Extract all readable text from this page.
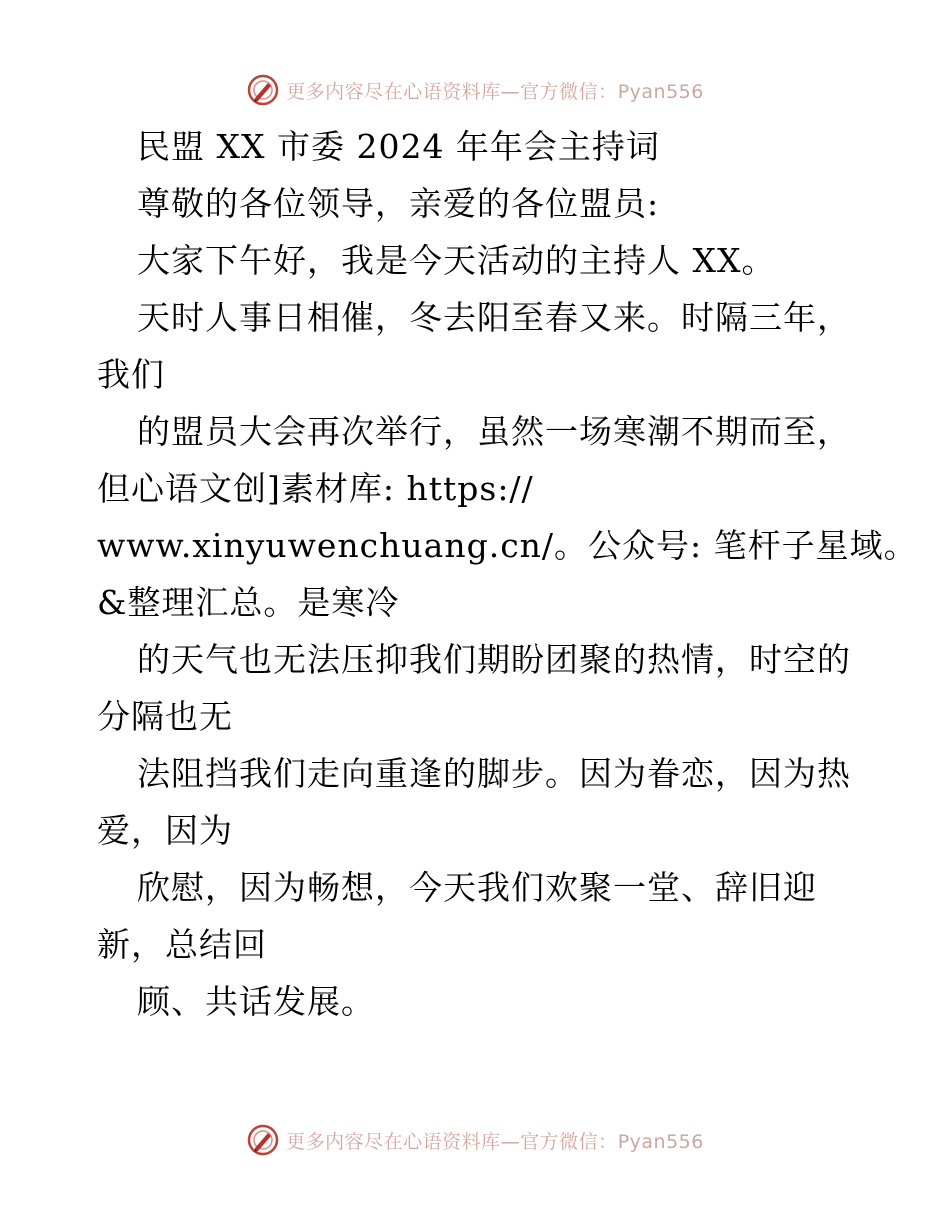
更多内容尽在心语资料库—官方微信：Pyan556
民盟 XX 市委 2024 年年会主持词
尊敬的各位领导，亲爱的各位盟员:
大家下午好，我是今天活动的主持人 XX。
天时人事日相催，冬去阳至春又来。时隔三年，
我们
的盟员大会再次举行，虽然一场寒潮不期而至，
但心语文创]素材库: https://
www.xinyuwenchuang.cn/。公众号: 笔杆子星域。
&整理汇总。是寒冷
的天气也无法压抑我们期盼团聚的热情，时空的
分隔也无
法阻挡我们走向重逢的脚步。因为眷恋，因为热
爱，因为
欣慰，因为畅想，今天我们欢聚一堂、辞旧迎
新，总结回
顾、共话发展。
更多内容尽在心语资料库—官方微信：Pyan556
